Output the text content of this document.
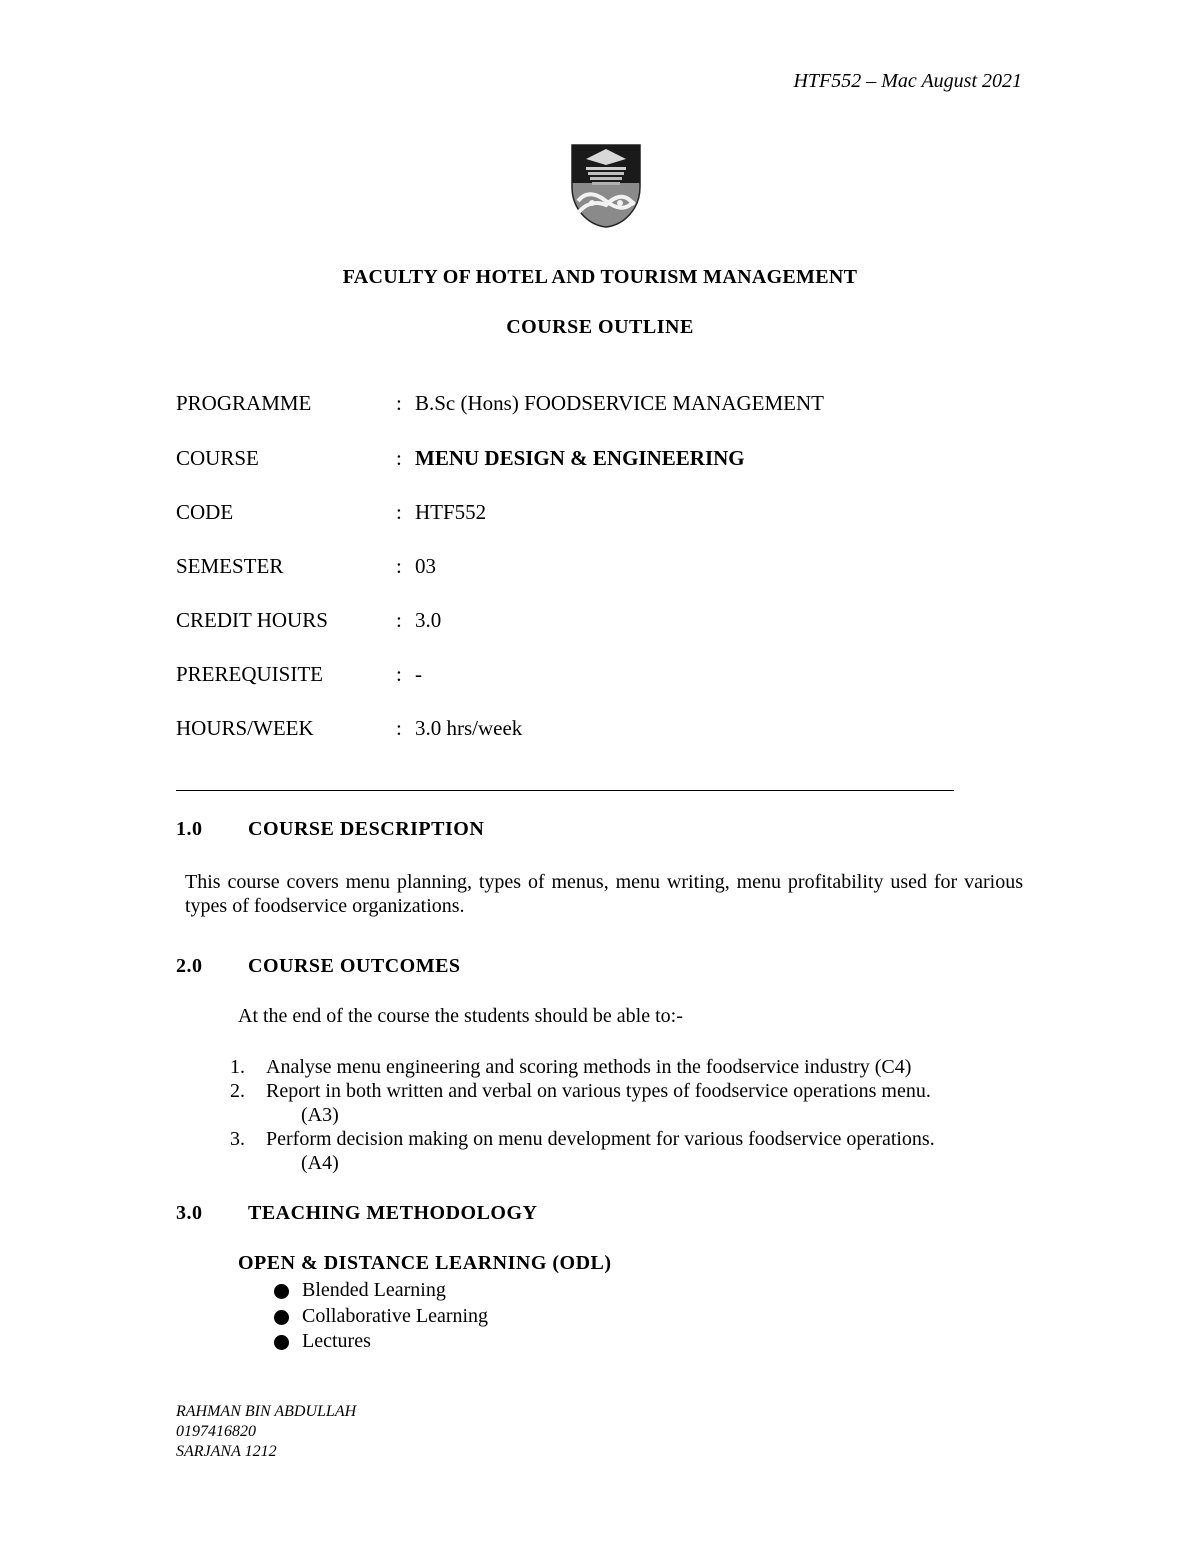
HTF552 – Mac August 2021
FACULTY OF HOTEL AND TOURISM MANAGEMENT
COURSE OUTLINE
PROGRAMME	: B.Sc (Hons) FOODSERVICE MANAGEMENT
COURSE	: MENU DESIGN & ENGINEERING
CODE	: HTF552
SEMESTER	: 03
CREDIT HOURS	: 3.0
PREREQUISITE	: -
HOURS/WEEK	: 3.0 hrs/week
1.0 COURSE DESCRIPTION
This course covers menu planning, types of menus, menu writing, menu profitability used for various types of foodservice organizations.
2.0 COURSE OUTCOMES
At the end of the course the students should be able to:-
1. Analyse menu engineering and scoring methods in the foodservice industry (C4)
2. Report in both written and verbal on various types of foodservice operations menu.
(A3)
3. Perform decision making on menu development for various foodservice operations.
(A4)
3.0 TEACHING METHODOLOGY
OPEN & DISTANCE LEARNING (ODL)
Blended Learning
Collaborative Learning
Lectures
RAHMAN BIN ABDULLAH
0197416820
SARJANA 1212
